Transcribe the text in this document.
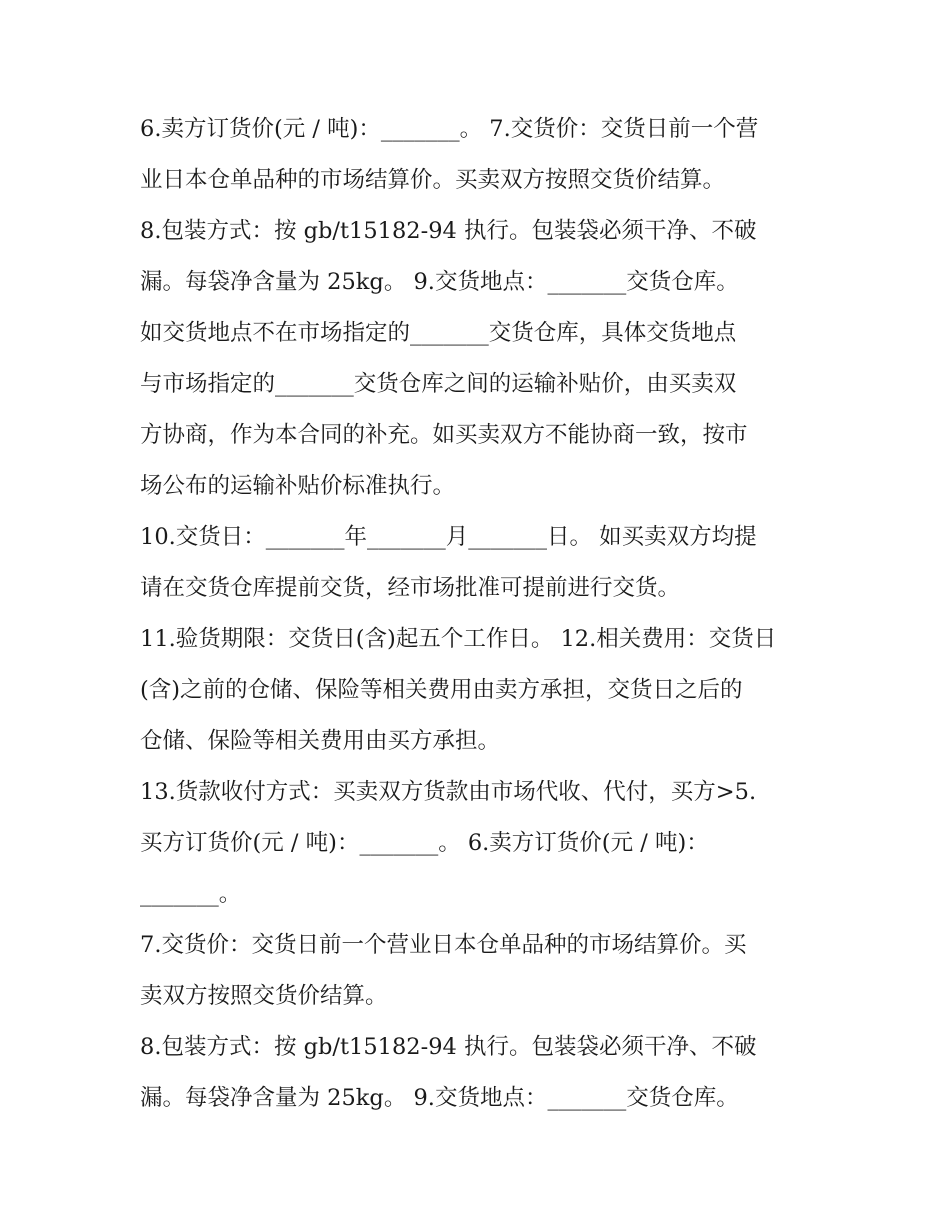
6.卖方订货价(元 / 吨)：_______。 7.交货价：交货日前一个营
业日本仓单品种的市场结算价。买卖双方按照交货价结算。
8.包装方式：按 gb/t15182-94 执行。包装袋必须干净、不破
漏。每袋净含量为 25kg。 9.交货地点：_______交货仓库。
如交货地点不在市场指定的_______交货仓库，具体交货地点
与市场指定的_______交货仓库之间的运输补贴价，由买卖双
方协商，作为本合同的补充。如买卖双方不能协商一致，按市
场公布的运输补贴价标准执行。
10.交货日：_______年_______月_______日。 如买卖双方均提
请在交货仓库提前交货，经市场批准可提前进行交货。
11.验货期限：交货日(含)起五个工作日。 12.相关费用：交货日
(含)之前的仓储、保险等相关费用由卖方承担，交货日之后的
仓储、保险等相关费用由买方承担。
13.货款收付方式：买卖双方货款由市场代收、代付，买方>5.
买方订货价(元 / 吨)：_______。 6.卖方订货价(元 / 吨)：
_______。
7.交货价：交货日前一个营业日本仓单品种的市场结算价。买
卖双方按照交货价结算。
8.包装方式：按 gb/t15182-94 执行。包装袋必须干净、不破
漏。每袋净含量为 25kg。 9.交货地点：_______交货仓库。
